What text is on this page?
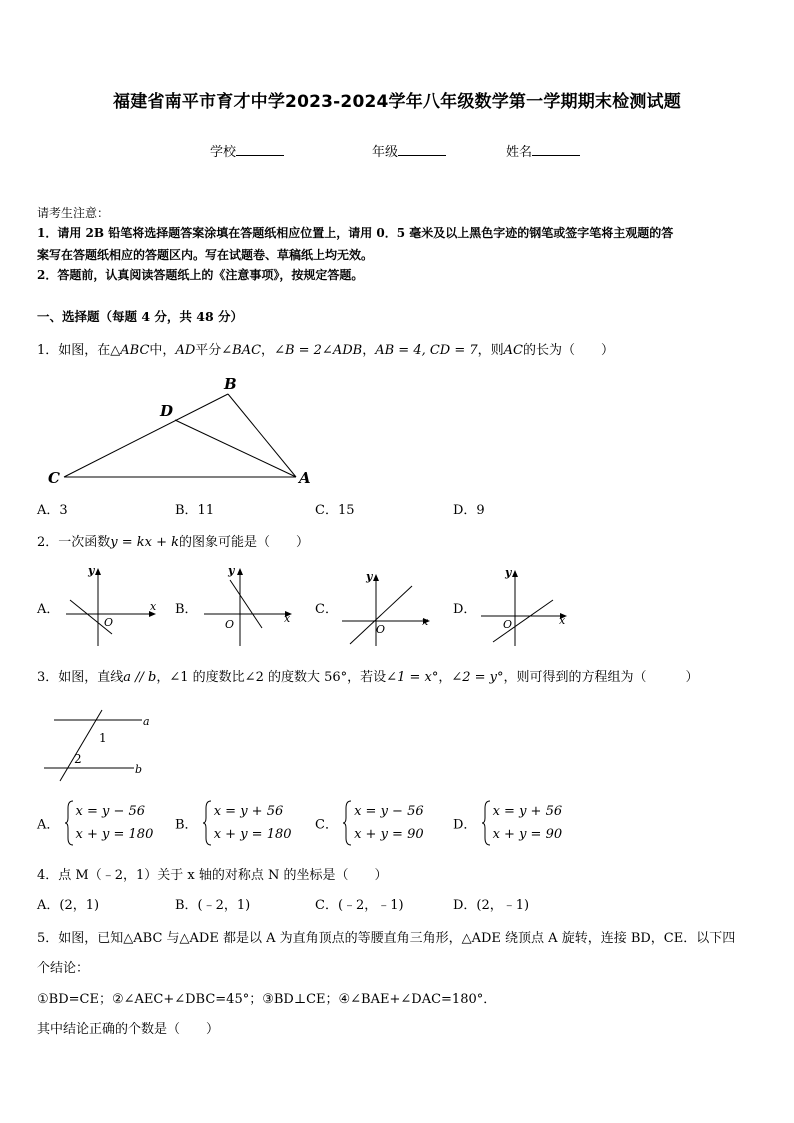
福建省南平市育才中学2023-2024学年八年级数学第一学期期末检测试题
学校	年级	姓名
请考生注意：
1．请用 2B 铅笔将选择题答案涂填在答题纸相应位置上，请用 0．5 毫米及以上黑色字迹的钢笔或签字笔将主观题的答
案写在答题纸相应的答题区内。写在试题卷、草稿纸上均无效。
2．答题前，认真阅读答题纸上的《注意事项》，按规定答题。
一、选择题（每题 4 分，共 48 分）
1．如图，在△ABC中，AD平分∠BAC，∠B = 2∠ADB，AB = 4, CD = 7，则AC的长为（　　）
B
D
C	A
A．3	B．11	C．15	D．9
2．一次函数y = kx + k的图象可能是（　　）
A．
y
x
O
B．
y
x
O
C．
y
x
O
D．
y
x
O
3．如图，直线a // b，∠1 的度数比∠2 的度数大 56°，若设∠1 = x°，∠2 = y°，则可得到的方程组为（　　　）
a
b
1
2
A．
x = y − 56
x + y = 180
B．
x = y + 56
x + y = 180
C．
x = y − 56
x + y = 90
D．
x = y + 56
x + y = 90
4．点 M（﹣2，1）关于 x 轴的对称点 N 的坐标是（　　）
A．(2，1)	B．(﹣2，1)	C．(﹣2，﹣1)	D．(2，﹣1)
5．如图，已知△ABC 与△ADE 都是以 A 为直角顶点的等腰直角三角形，△ADE 绕顶点 A 旋转，连接 BD，CE．以下四
个结论：
①BD=CE；②∠AEC+∠DBC=45°；③BD⊥CE；④∠BAE+∠DAC=180°．
其中结论正确的个数是（　　）
